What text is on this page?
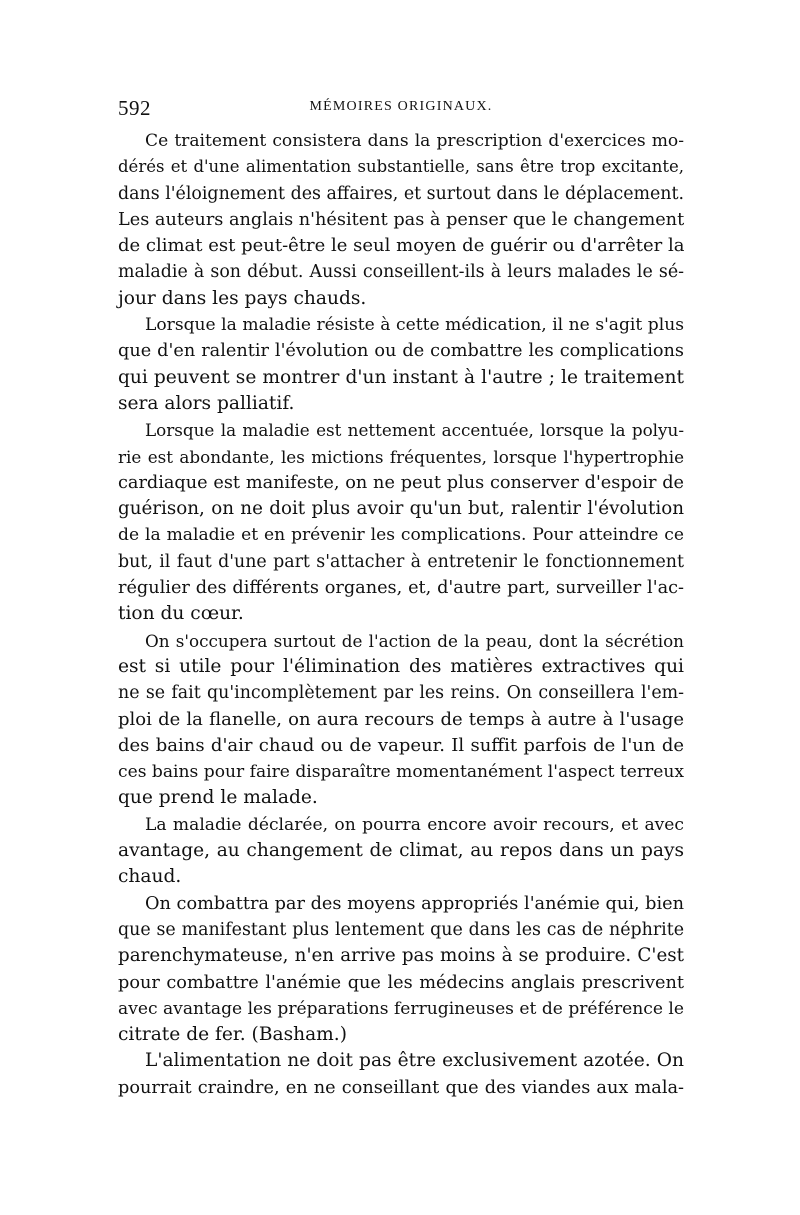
592	MÉMOIRES ORIGINAUX.
Ce traitement consistera dans la prescription d'exercices mo-
dérés et d'une alimentation substantielle, sans être trop excitante,
dans l'éloignement des affaires, et surtout dans le déplacement.
Les auteurs anglais n'hésitent pas à penser que le changement
de climat est peut-être le seul moyen de guérir ou d'arrêter la
maladie à son début. Aussi conseillent-ils à leurs malades le sé-
jour dans les pays chauds.
Lorsque la maladie résiste à cette médication, il ne s'agit plus
que d'en ralentir l'évolution ou de combattre les complications
qui peuvent se montrer d'un instant à l'autre ; le traitement
sera alors palliatif.
Lorsque la maladie est nettement accentuée, lorsque la polyu-
rie est abondante, les mictions fréquentes, lorsque l'hypertrophie
cardiaque est manifeste, on ne peut plus conserver d'espoir de
guérison, on ne doit plus avoir qu'un but, ralentir l'évolution
de la maladie et en prévenir les complications. Pour atteindre ce
but, il faut d'une part s'attacher à entretenir le fonctionnement
régulier des différents organes, et, d'autre part, surveiller l'ac-
tion du cœur.
On s'occupera surtout de l'action de la peau, dont la sécrétion
est si utile pour l'élimination des matières extractives qui
ne se fait qu'incomplètement par les reins. On conseillera l'em-
ploi de la flanelle, on aura recours de temps à autre à l'usage
des bains d'air chaud ou de vapeur. Il suffit parfois de l'un de
ces bains pour faire disparaître momentanément l'aspect terreux
que prend le malade.
La maladie déclarée, on pourra encore avoir recours, et avec
avantage, au changement de climat, au repos dans un pays
chaud.
On combattra par des moyens appropriés l'anémie qui, bien
que se manifestant plus lentement que dans les cas de néphrite
parenchymateuse, n'en arrive pas moins à se produire. C'est
pour combattre l'anémie que les médecins anglais prescrivent
avec avantage les préparations ferrugineuses et de préférence le
citrate de fer. (Basham.)
L'alimentation ne doit pas être exclusivement azotée. On
pourrait craindre, en ne conseillant que des viandes aux mala-
